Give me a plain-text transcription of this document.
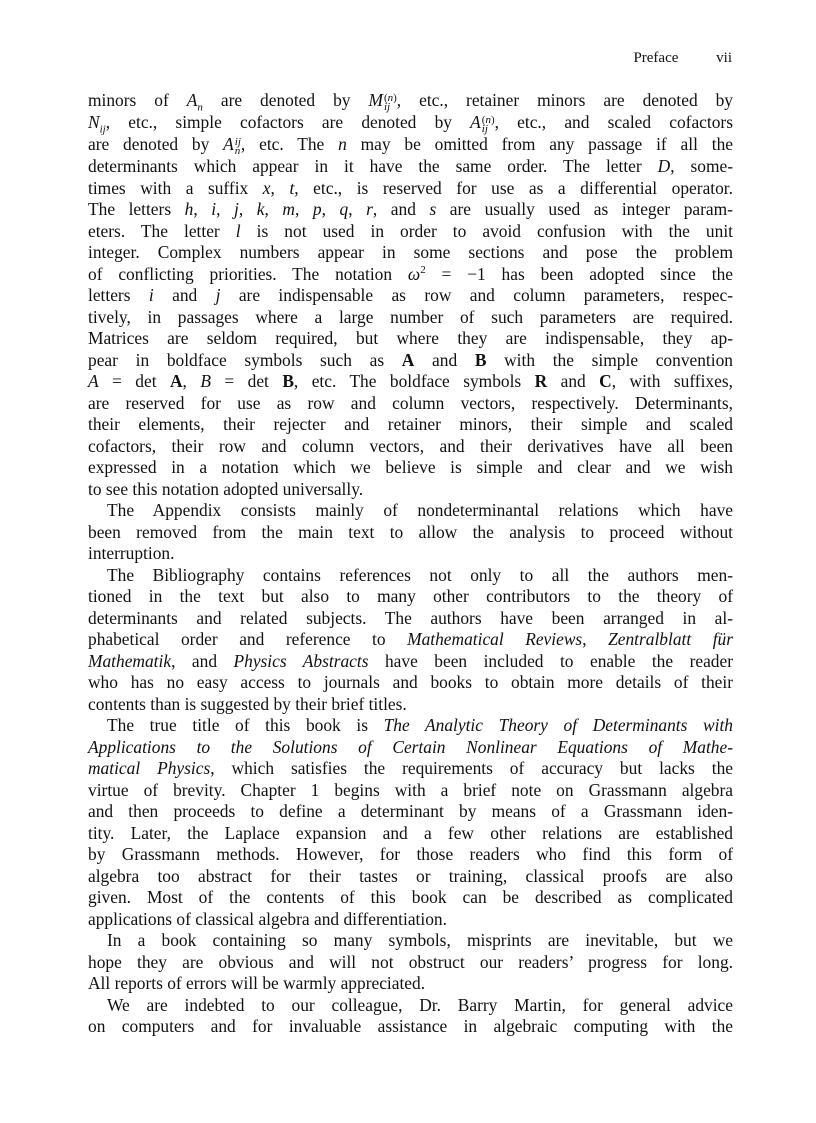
Preface	vii
minors of $A_n$ are denoted by M (n)
ij , etc., retainer minors are denoted by
$N_{ij}$, etc., simple cofactors are denoted by A (n)
ij , etc., and scaled cofactors
are denoted by A ij
n , etc. The n may be omitted from any passage if all the
determinants which appear in it have the same order. The letter D, some-
times with a suffix x, t, etc., is reserved for use as a differential operator.
The letters h, i, j, k, m, p, q, r, and s are usually used as integer param-
eters. The letter l is not used in order to avoid confusion with the unit
integer. Complex numbers appear in some sections and pose the problem
of conflicting priorities. The notation $\omega^2 = -1$ has been adopted since the
letters i and j are indispensable as row and column parameters, respec-
tively, in passages where a large number of such parameters are required.
Matrices are seldom required, but where they are indispensable, they ap-
pear in boldface symbols such as A and B with the simple convention
A = det A, B = det B, etc. The boldface symbols R and C, with suffixes,
are reserved for use as row and column vectors, respectively. Determinants,
their elements, their rejecter and retainer minors, their simple and scaled
cofactors, their row and column vectors, and their derivatives have all been
expressed in a notation which we believe is simple and clear and we wish
to see this notation adopted universally.
The Appendix consists mainly of nondeterminantal relations which have
been removed from the main text to allow the analysis to proceed without
interruption.
The Bibliography contains references not only to all the authors men-
tioned in the text but also to many other contributors to the theory of
determinants and related subjects. The authors have been arranged in al-
phabetical order and reference to Mathematical Reviews, Zentralblatt für
Mathematik, and Physics Abstracts have been included to enable the reader
who has no easy access to journals and books to obtain more details of their
contents than is suggested by their brief titles.
The true title of this book is The Analytic Theory of Determinants with
Applications to the Solutions of Certain Nonlinear Equations of Mathe-
matical Physics, which satisfies the requirements of accuracy but lacks the
virtue of brevity. Chapter 1 begins with a brief note on Grassmann algebra
and then proceeds to define a determinant by means of a Grassmann iden-
tity. Later, the Laplace expansion and a few other relations are established
by Grassmann methods. However, for those readers who find this form of
algebra too abstract for their tastes or training, classical proofs are also
given. Most of the contents of this book can be described as complicated
applications of classical algebra and differentiation.
In a book containing so many symbols, misprints are inevitable, but we
hope they are obvious and will not obstruct our readers’ progress for long.
All reports of errors will be warmly appreciated.
We are indebted to our colleague, Dr. Barry Martin, for general advice
on computers and for invaluable assistance in algebraic computing with the
